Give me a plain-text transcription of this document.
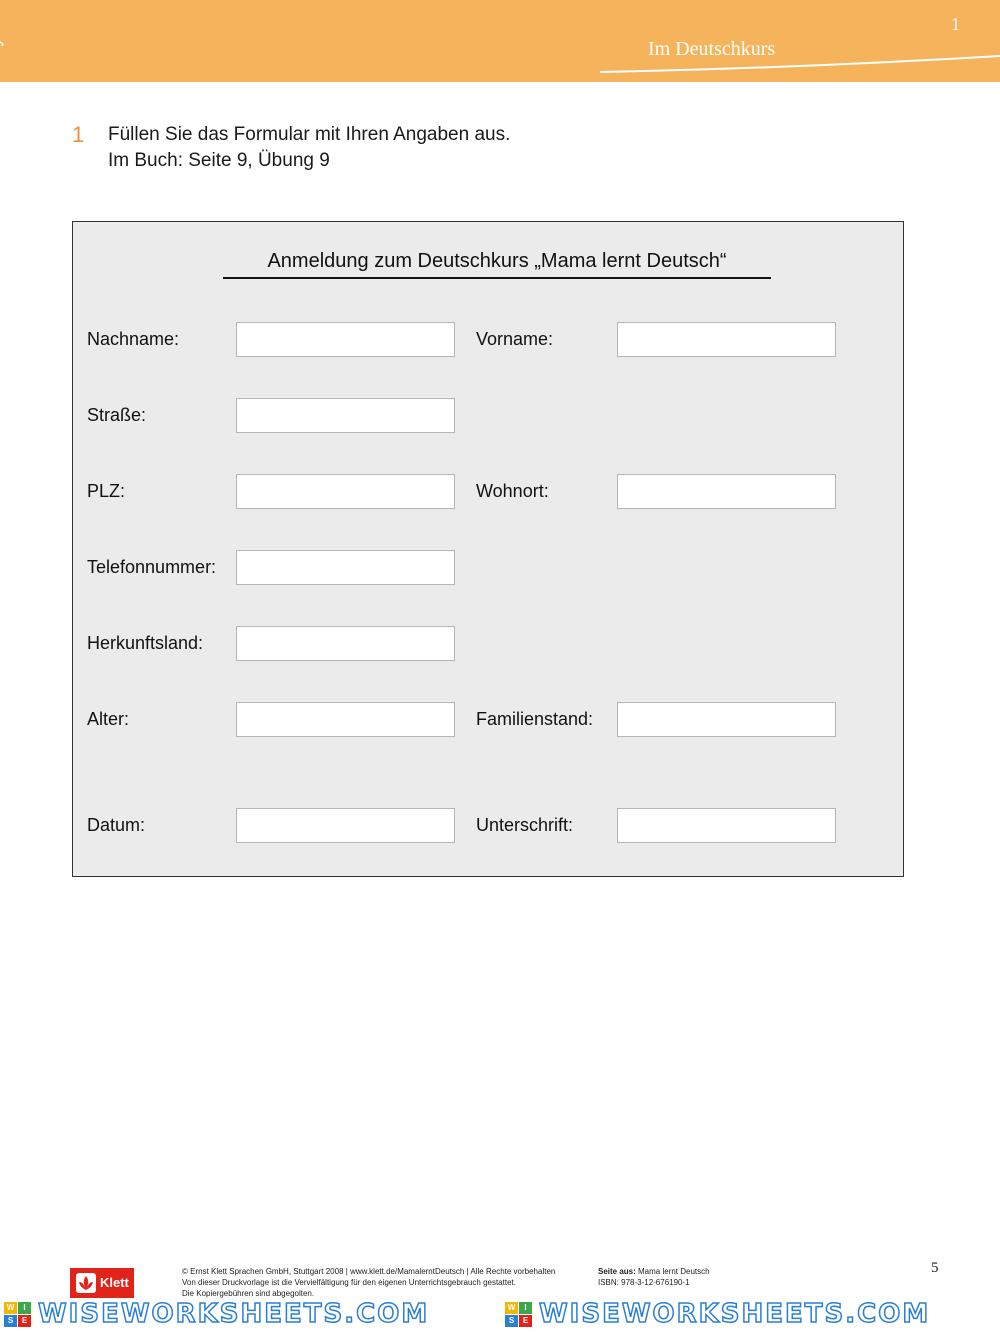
1
Im Deutschkurs
1 Füllen Sie das Formular mit Ihren Angaben aus.
Im Buch: Seite 9, Übung 9
Anmeldung zum Deutschkurs „Mama lernt Deutsch“
Nachname:	Vorname:
Straße:
PLZ:	Wohnort:
Telefonnummer:
Herkunftsland:
Alter:	Familienstand:
Datum:	Unterschrift:
Klett
© Ernst Klett Sprachen GmbH, Stuttgart 2008 | www.klett.de/MamalerntDeutsch | Alle Rechte vorbehalten
Von dieser Druckvorlage ist die Vervielfältigung für den eigenen Unterrichtsgebrauch gestattet.
Die Kopiergebühren sind abgegolten.
Seite aus: Mama lernt Deutsch
ISBN: 978-3-12-676190-1
5
W	I
S	E WISEWORKSHEETS.COM	W	I
S	E WISEWORKSHEETS.COM
